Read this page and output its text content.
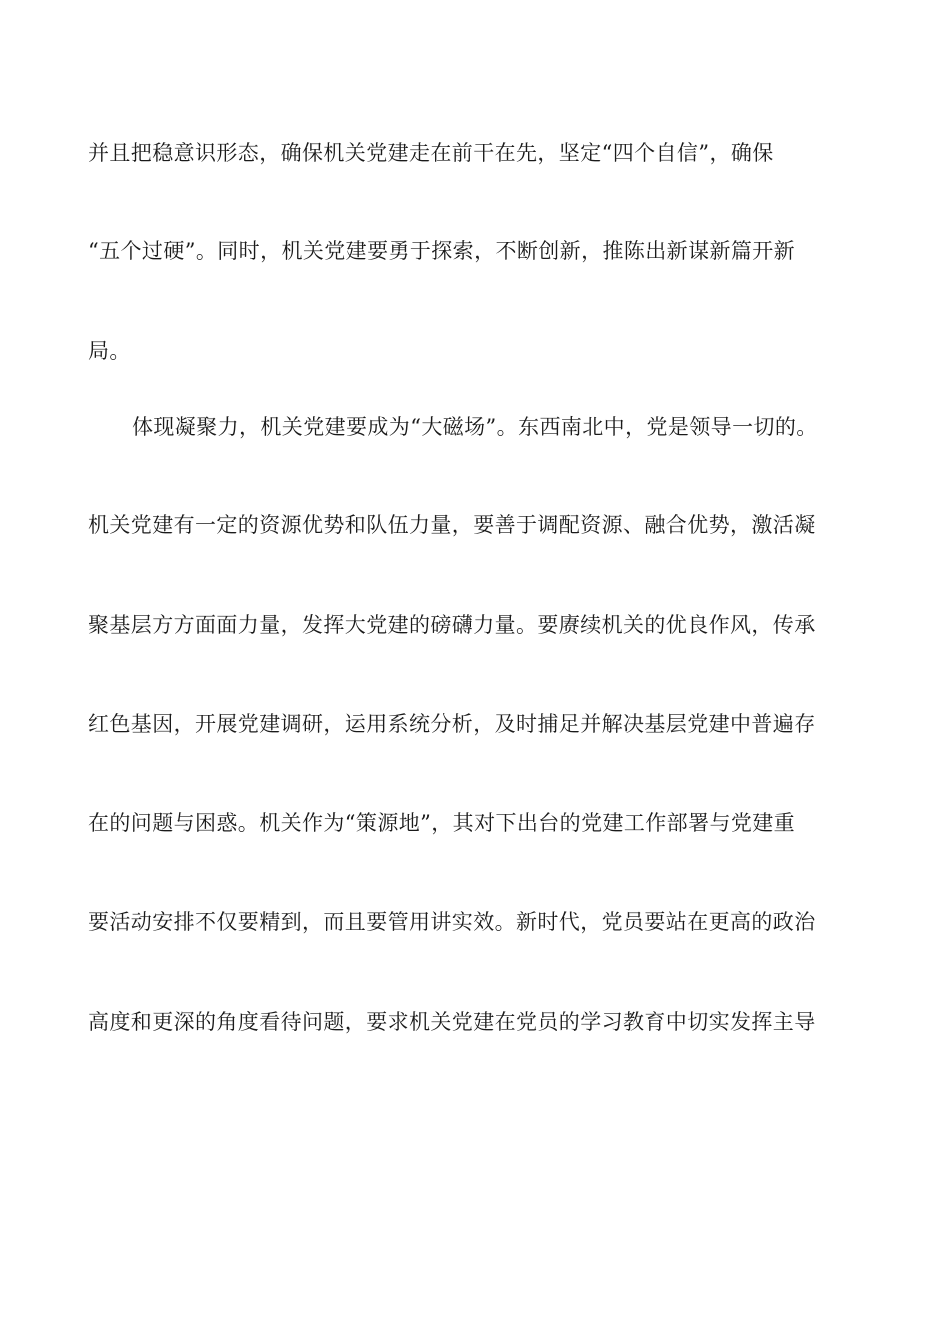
并且把稳意识形态，确保机关党建走在前干在先，坚定“四个自信”，确保
“五个过硬”。同时，机关党建要勇于探索，不断创新，推陈出新谋新篇开新
局。
体现凝聚力，机关党建要成为“大磁场”。东西南北中，党是领导一切的。
机关党建有一定的资源优势和队伍力量，要善于调配资源、融合优势，激活凝
聚基层方方面面力量，发挥大党建的磅礴力量。要赓续机关的优良作风，传承
红色基因，开展党建调研，运用系统分析，及时捕足并解决基层党建中普遍存
在的问题与困惑。机关作为“策源地”，其对下出台的党建工作部署与党建重
要活动安排不仅要精到，而且要管用讲实效。新时代，党员要站在更高的政治
高度和更深的角度看待问题，要求机关党建在党员的学习教育中切实发挥主导
